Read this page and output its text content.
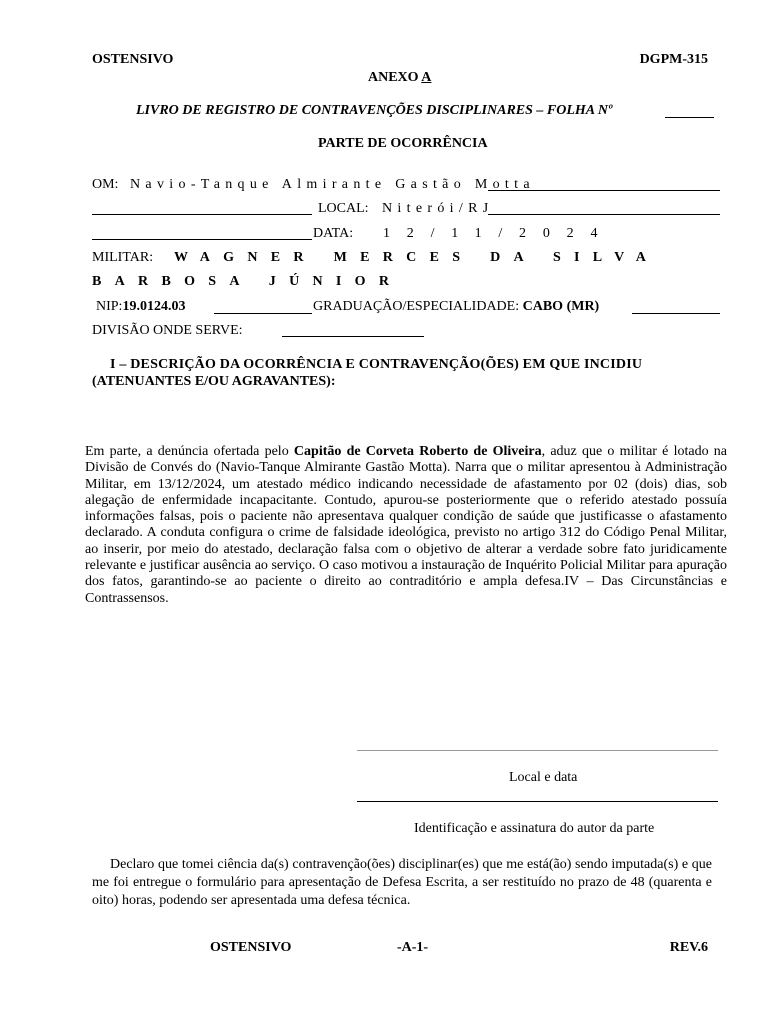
OSTENSIVO	DGPM-315
ANEXO A
LIVRO DE REGISTRO DE CONTRAVENÇÕES DISCIPLINARES – FOLHA Nº
PARTE DE OCORRÊNCIA
OM: Navio-Tanque Almirante Gastão Motta
LOCAL: Niterói/RJ
DATA: 12/11/2024
MILITAR: WAGNER MERCES DA SILVA
BARBOSA JÚNIOR
NIP:19.0124.03	GRADUAÇÃO/ESPECIALIDADE: CABO (MR)
DIVISÃO ONDE SERVE:
I – DESCRIÇÃO DA OCORRÊNCIA E CONTRAVENÇÃO(ÕES) EM QUE INCIDIU
(ATENUANTES E/OU AGRAVANTES):
Em parte, a denúncia ofertada pelo Capitão de Corveta Roberto de Oliveira, aduz que o militar é lotado na Divisão de Convés do (Navio-Tanque Almirante Gastão Motta). Narra que o militar apresentou à Administração Militar, em 13/12/2024, um atestado médico indicando necessidade de afastamento por 02 (dois) dias, sob alegação de enfermidade incapacitante. Contudo, apurou-se posteriormente que o referido atestado possuía informações falsas, pois o paciente não apresentava qualquer condição de saúde que justificasse o afastamento declarado. A conduta configura o crime de falsidade ideológica, previsto no artigo 312 do Código Penal Militar, ao inserir, por meio do atestado, declaração falsa com o objetivo de alterar a verdade sobre fato juridicamente relevante e justificar ausência ao serviço. O caso motivou a instauração de Inquérito Policial Militar para apuração dos fatos, garantindo-se ao paciente o direito ao contraditório e ampla defesa.IV – Das Circunstâncias e Contrassensos.
Local e data
Identificação e assinatura do autor da parte
Declaro que tomei ciência da(s) contravenção(ões) disciplinar(es) que me está(ão) sendo imputada(s) e que me foi entregue o formulário para apresentação de Defesa Escrita, a ser restituído no prazo de 48 (quarenta e oito) horas, podendo ser apresentada uma defesa técnica.
OSTENSIVO	-A-1-	REV.6
